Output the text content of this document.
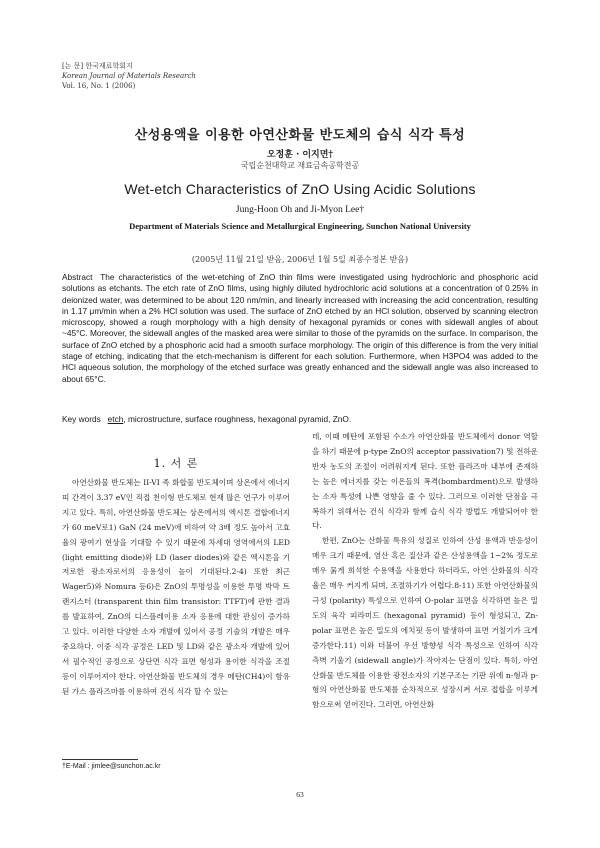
[논 문] 한국재료학회지
Korean Journal of Materials Research
Vol. 16, No. 1 (2006)
산성용액을 이용한 아연산화물 반도체의 습식 식각 특성
오정훈 · 이지면†
국립순천대학교 재료금속공학전공
Wet-etch Characteristics of ZnO Using Acidic Solutions
Jung-Hoon Oh and Ji-Myon Lee†
Department of Materials Science and Metallurgical Engineering, Sunchon National University
(2005년 11월 21일 받음, 2006년 1월 5일 최종수정본 받음)
Abstract The characteristics of the wet-etching of ZnO thin films were investigated using hydrochloric and phosphoric acid solutions as etchants. The etch rate of ZnO films, using highly diluted hydrochloric acid solutions at a concentration of 0.25% in deionized water, was determined to be about 120 nm/min, and linearly increased with increasing the acid concentration, resulting in 1.17 μm/min when a 2% HCl solution was used. The surface of ZnO etched by an HCl solution, observed by scanning electron microscopy, showed a rough morphology with a high density of hexagonal pyramids or cones with sidewall angles of about ~45°C. Moreover, the sidewall angles of the masked area were similar to those of the pyramids on the surface. In comparison, the surface of ZnO etched by a phosphoric acid had a smooth surface morphology. The origin of this difference is from the very initial stage of etching, indicating that the etch-mechanism is different for each solution. Furthermore, when H3PO4 was added to the HCl aqueous solution, the morphology of the etched surface was greatly enhanced and the sidewall angle was also increased to about 65°C.
Key words etch, microstructure, surface roughness, hexagonal pyramid, ZnO.
1. 서 론

아연산화물 반도체는 II-VI 족 화합물 반도체이며 상온에서 에너지 띠 간격이 3.37 eV인 직접 천이형 반도체로 현재 많은 연구가 이루어지고 있다. 특히, 아연산화물 반도체는 상온에서의 엑시톤 결합에너지가 60 meV로1) GaN (24 meV)에 비하여 약 3배 정도 높아서 고효율의 광여기 현상을 기대할 수 있기 때문에 차세대 영역에서의 LED (light emitting diode)와 LD (laser diodes)와 같은 엑시톤을 기저로한 광소자로서의 응용성이 높이 기대된다.2-4) 또한 최근 Wager5)와 Nomura 등6)은 ZnO의 투명성을 이용한 투명 박막 트랜지스터 (transparent thin film transistor: TTFT)에 관한 결과를 발표하여, ZnO의 디스플레이용 소자 응용에 대한 관심이 증가하고 있다. 이러한 다양한 소자 개발에 있어서 공정 기술의 개발은 매우 중요하다. 이중 식각 공정은 LED 및 LD와 같은 광소자 개발에 있어서 필수적인 공정으로 상단면 식각 표면 형성과 용이한 식각을 조절 등이 이루어져야 한다. 아연산화물 반도체의 경우 메탄(CH4)이 함유된 가스 플라즈마를 이용하여 건식 식각 할 수 있는

데, 이때 메탄에 포함된 수소가 아연산화물 반도체에서 donor 역할을 하기 때문에 p-type ZnO의 acceptor passivation7) 및 전하운반자 농도의 조절이 어려워지게 된다. 또한 플라즈마 내부에 존재하는 높은 에너지를 갖는 이온들의 폭격(bombardment)으로 발생하는 소자 특성에 나쁜 영향을 줄 수 있다. 그러므로 이러한 단점을 극복하기 위해서는 건식 식각과 함께 습식 식각 방법도 개발되어야 한다.

한편, ZnO는 산화물 특유의 성질로 인하여 산성 용액과 반응성이 매우 크기 때문에, 염산 혹은 질산과 같은 산성용액을 1~2% 정도로 매우 묽게 희석한 수용액을 사용한다 하더라도, 아연 산화물의 식각율은 매우 커지게 되며, 조절하기가 어렵다.8-11) 또한 아연산화물의 극성 (polarity) 특성으로 인하여 O-polar 표면을 식각하면 높은 밀도의 육각 피라미드 (hexagonal pyramid) 등이 형성되고, Zn-polar 표면은 높은 밀도의 에치핏 등이 발생하여 표면 거칠기가 크게 증가한다.11) 이와 더불어 우선 방향성 식각 특성으로 인하여 식각 측벽 기울기 (sidewall angle)가 작아지는 단점이 있다. 특히, 아연산화물 반도체를 이용한 광전소자의 기본구조는 기판 위에 n-형과 p-형의 아연산화물 반도체를 순차적으로 성장시켜 서로 접합을 이루게 함으로써 얻어진다. 그러면, 아연산화

†E-Mail : jimlee@sunchon.ac.kr
63
